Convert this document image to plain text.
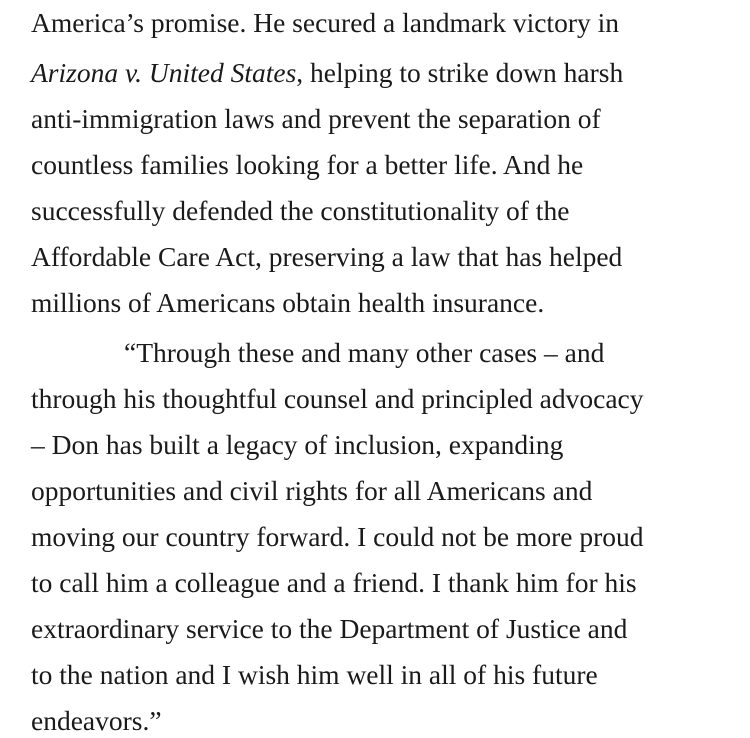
America’s promise. He secured a landmark victory in
Arizona v. United States, helping to strike down harsh
anti-immigration laws and prevent the separation of
countless families looking for a better life. And he
successfully defended the constitutionality of the
Affordable Care Act, preserving a law that has helped
millions of Americans obtain health insurance.
“Through these and many other cases – and
through his thoughtful counsel and principled advocacy
– Don has built a legacy of inclusion, expanding
opportunities and civil rights for all Americans and
moving our country forward. I could not be more proud
to call him a colleague and a friend. I thank him for his
extraordinary service to the Department of Justice and
to the nation and I wish him well in all of his future
endeavors.”
